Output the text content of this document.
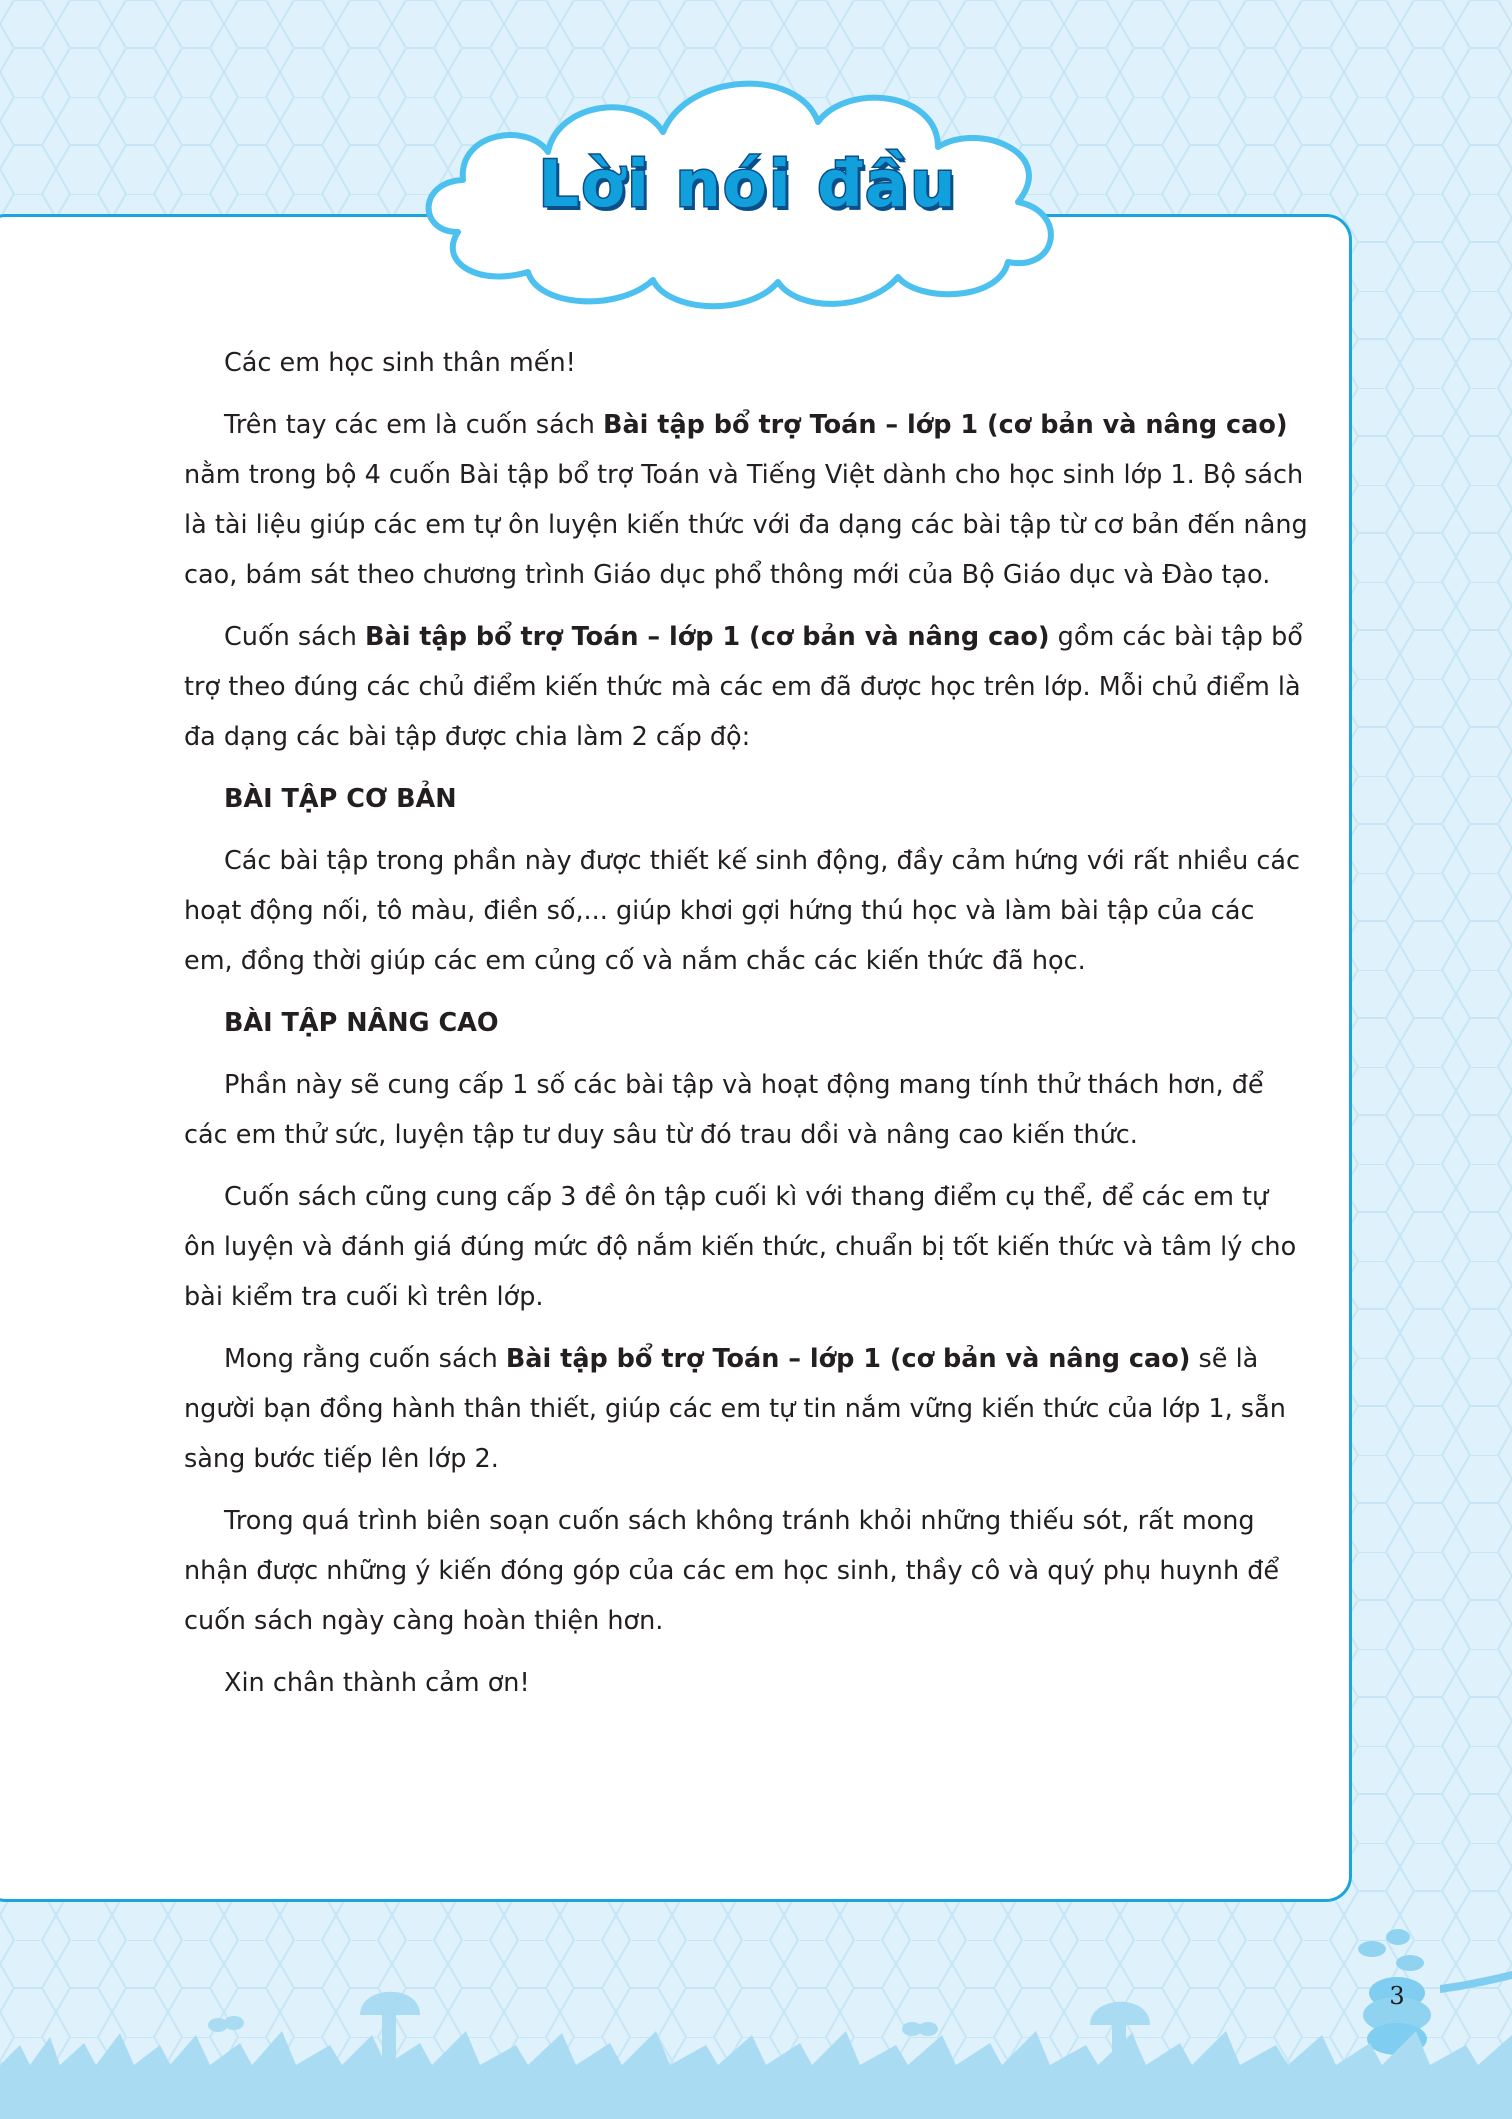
Lời nói đầu

Các em học sinh thân mến!

Trên tay các em là cuốn sách Bài tập bổ trợ Toán – lớp 1 (cơ bản và nâng cao) nằm trong bộ 4 cuốn Bài tập bổ trợ Toán và Tiếng Việt dành cho học sinh lớp 1. Bộ sách là tài liệu giúp các em tự ôn luyện kiến thức với đa dạng các bài tập từ cơ bản đến nâng cao, bám sát theo chương trình Giáo dục phổ thông mới của Bộ Giáo dục và Đào tạo.

Cuốn sách Bài tập bổ trợ Toán – lớp 1 (cơ bản và nâng cao) gồm các bài tập bổ trợ theo đúng các chủ điểm kiến thức mà các em đã được học trên lớp. Mỗi chủ điểm là đa dạng các bài tập được chia làm 2 cấp độ:

BÀI TẬP CƠ BẢN

Các bài tập trong phần này được thiết kế sinh động, đầy cảm hứng với rất nhiều các hoạt động nối, tô màu, điền số,... giúp khơi gợi hứng thú học và làm bài tập của các em, đồng thời giúp các em củng cố và nắm chắc các kiến thức đã học.

BÀI TẬP NÂNG CAO

Phần này sẽ cung cấp 1 số các bài tập và hoạt động mang tính thử thách hơn, để các em thử sức, luyện tập tư duy sâu từ đó trau dồi và nâng cao kiến thức.

Cuốn sách cũng cung cấp 3 đề ôn tập cuối kì với thang điểm cụ thể, để các em tự ôn luyện và đánh giá đúng mức độ nắm kiến thức, chuẩn bị tốt kiến thức và tâm lý cho bài kiểm tra cuối kì trên lớp.

Mong rằng cuốn sách Bài tập bổ trợ Toán – lớp 1 (cơ bản và nâng cao) sẽ là người bạn đồng hành thân thiết, giúp các em tự tin nắm vững kiến thức của lớp 1, sẵn sàng bước tiếp lên lớp 2.

Trong quá trình biên soạn cuốn sách không tránh khỏi những thiếu sót, rất mong nhận được những ý kiến đóng góp của các em học sinh, thầy cô và quý phụ huynh để cuốn sách ngày càng hoàn thiện hơn.

Xin chân thành cảm ơn!

3
